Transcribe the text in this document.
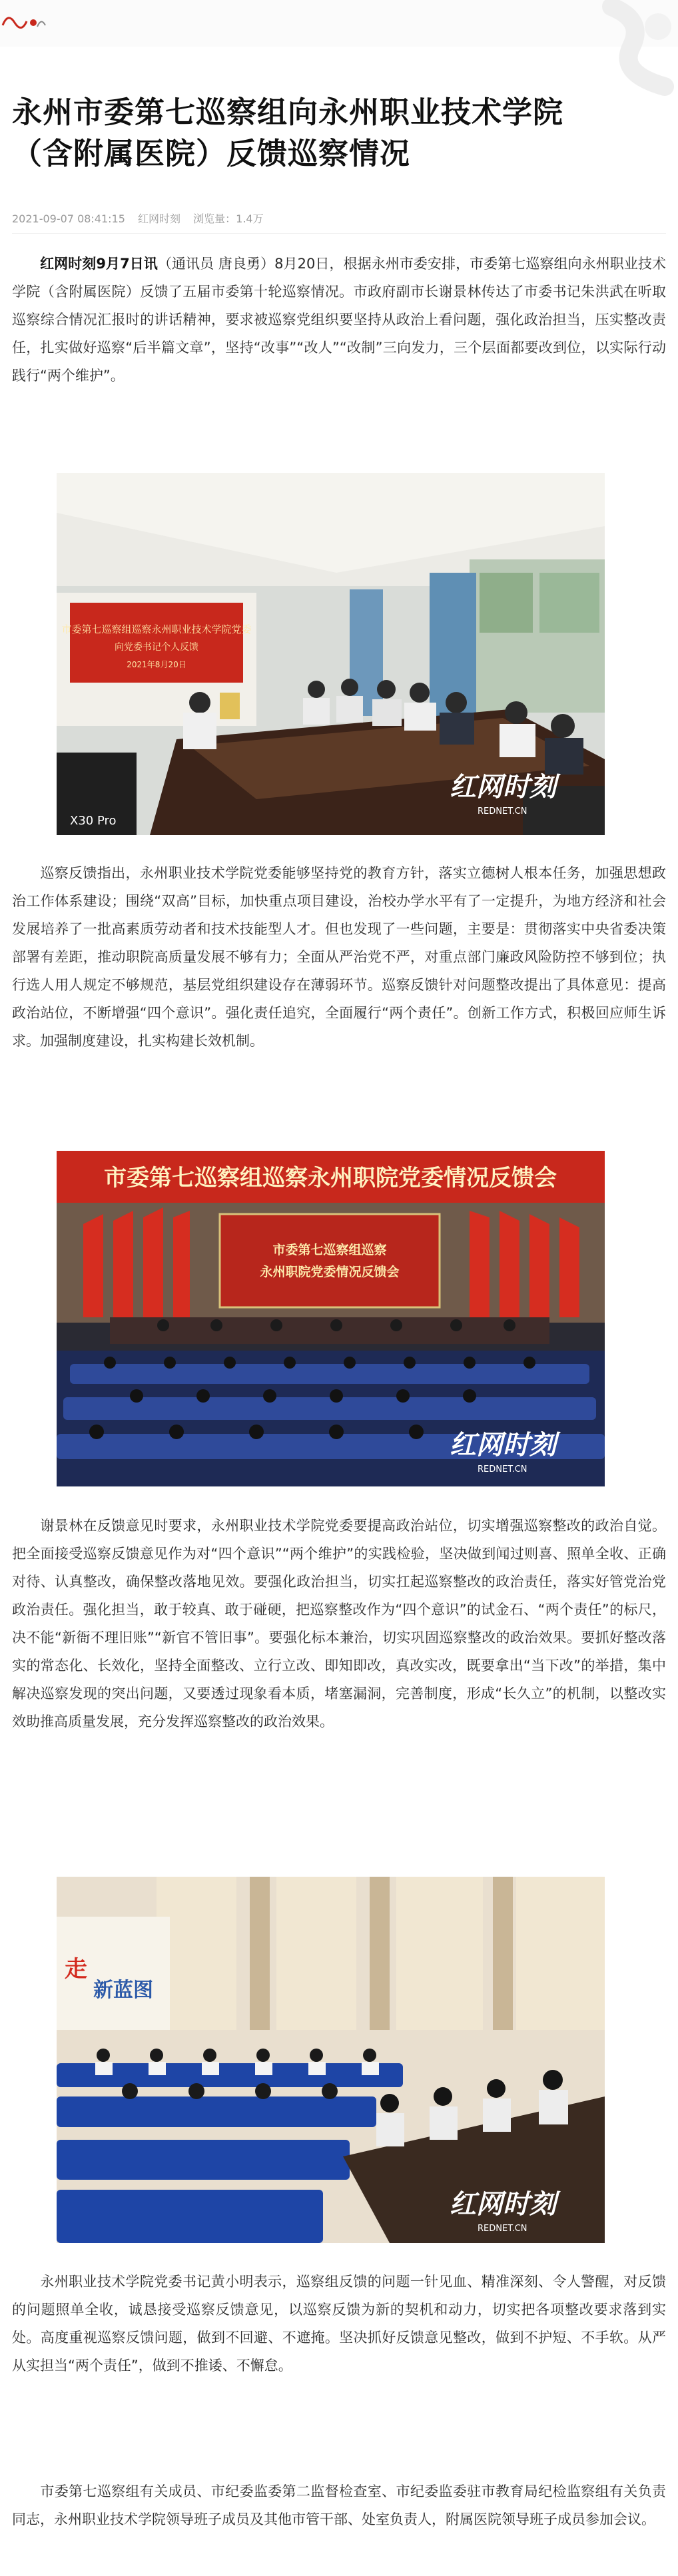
永州市委第七巡察组向永州职业技术学院（含附属医院）反馈巡察情况
2021-09-07 08:41:15 红网时刻 浏览量：1.4万

红网时刻9月7日讯（通讯员 唐良勇）8月20日，根据永州市委安排，市委第七巡察组向永州职业技术学院（含附属医院）反馈了五届市委第十轮巡察情况。市政府副市长谢景林传达了市委书记朱洪武在听取巡察综合情况汇报时的讲话精神，要求被巡察党组织要坚持从政治上看问题，强化政治担当，压实整改责任，扎实做好巡察“后半篇文章”，坚持“改事”“改人”“改制”三向发力，三个层面都要改到位，以实际行动践行“两个维护”。

市委第七巡察组巡察永州职业技术学院党委
向党委书记个人反馈
2021年8月20日
X30 Pro
红网时刻
REDNET.CN

巡察反馈指出，永州职业技术学院党委能够坚持党的教育方针，落实立德树人根本任务，加强思想政治工作体系建设；围绕“双高”目标，加快重点项目建设，治校办学水平有了一定提升，为地方经济和社会发展培养了一批高素质劳动者和技术技能型人才。但也发现了一些问题，主要是：贯彻落实中央省委决策部署有差距，推动职院高质量发展不够有力；全面从严治党不严，对重点部门廉政风险防控不够到位；执行选人用人规定不够规范，基层党组织建设存在薄弱环节。巡察反馈针对问题整改提出了具体意见：提高政治站位，不断增强“四个意识”。强化责任追究，全面履行“两个责任”。创新工作方式，积极回应师生诉求。加强制度建设，扎实构建长效机制。

市委第七巡察组巡察永州职院党委情况反馈会
市委第七巡察组巡察
永州职院党委情况反馈会
红网时刻
REDNET.CN

谢景林在反馈意见时要求，永州职业技术学院党委要提高政治站位，切实增强巡察整改的政治自觉。把全面接受巡察反馈意见作为对“四个意识”“两个维护”的实践检验，坚决做到闻过则喜、照单全收、正确对待、认真整改，确保整改落地见效。要强化政治担当，切实扛起巡察整改的政治责任，落实好管党治党政治责任。强化担当，敢于较真、敢于碰硬，把巡察整改作为“四个意识”的试金石、“两个责任”的标尺，决不能“新衙不理旧账”“新官不管旧事”。要强化标本兼治，切实巩固巡察整改的政治效果。要抓好整改落实的常态化、长效化，坚持全面整改、立行立改、即知即改，真改实改，既要拿出“当下改”的举措，集中解决巡察发现的突出问题，又要透过现象看本质，堵塞漏洞，完善制度，形成“长久立”的机制，以整改实效助推高质量发展，充分发挥巡察整改的政治效果。

走
新蓝图
红网时刻
REDNET.CN

永州职业技术学院党委书记黄小明表示，巡察组反馈的问题一针见血、精准深刻、令人警醒，对反馈的问题照单全收，诚恳接受巡察反馈意见，以巡察反馈为新的契机和动力，切实把各项整改要求落到实处。高度重视巡察反馈问题，做到不回避、不遮掩。坚决抓好反馈意见整改，做到不护短、不手软。从严从实担当“两个责任”，做到不推诿、不懈怠。

市委第七巡察组有关成员、市纪委监委第二监督检查室、市纪委监委驻市教育局纪检监察组有关负责同志，永州职业技术学院领导班子成员及其他市管干部、处室负责人，附属医院领导班子成员参加会议。
